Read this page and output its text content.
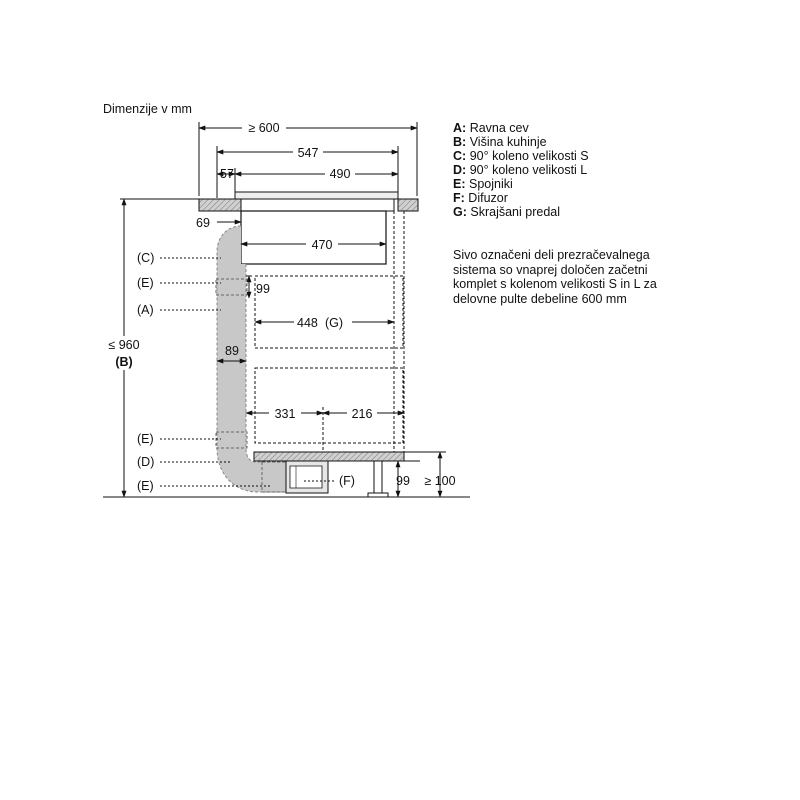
Dimenzije v mm
≥ 600
547
57	490
69
470
99
448 (G)
89
331	216
≤ 960
(B)
99 ≥ 100
(C)
(E)
(A)
(E)
(D)
(E)	(F)
A: Ravna cev
B: Višina kuhinje
C: 90° koleno velikosti S
D: 90° koleno velikosti L
E: Spojniki
F: Difuzor
G: Skrajšani predal
Sivo označeni deli prezračevalnega
sistema so vnaprej določen začetni
komplet s kolenom velikosti S in L za
delovne pulte debeline 600 mm
